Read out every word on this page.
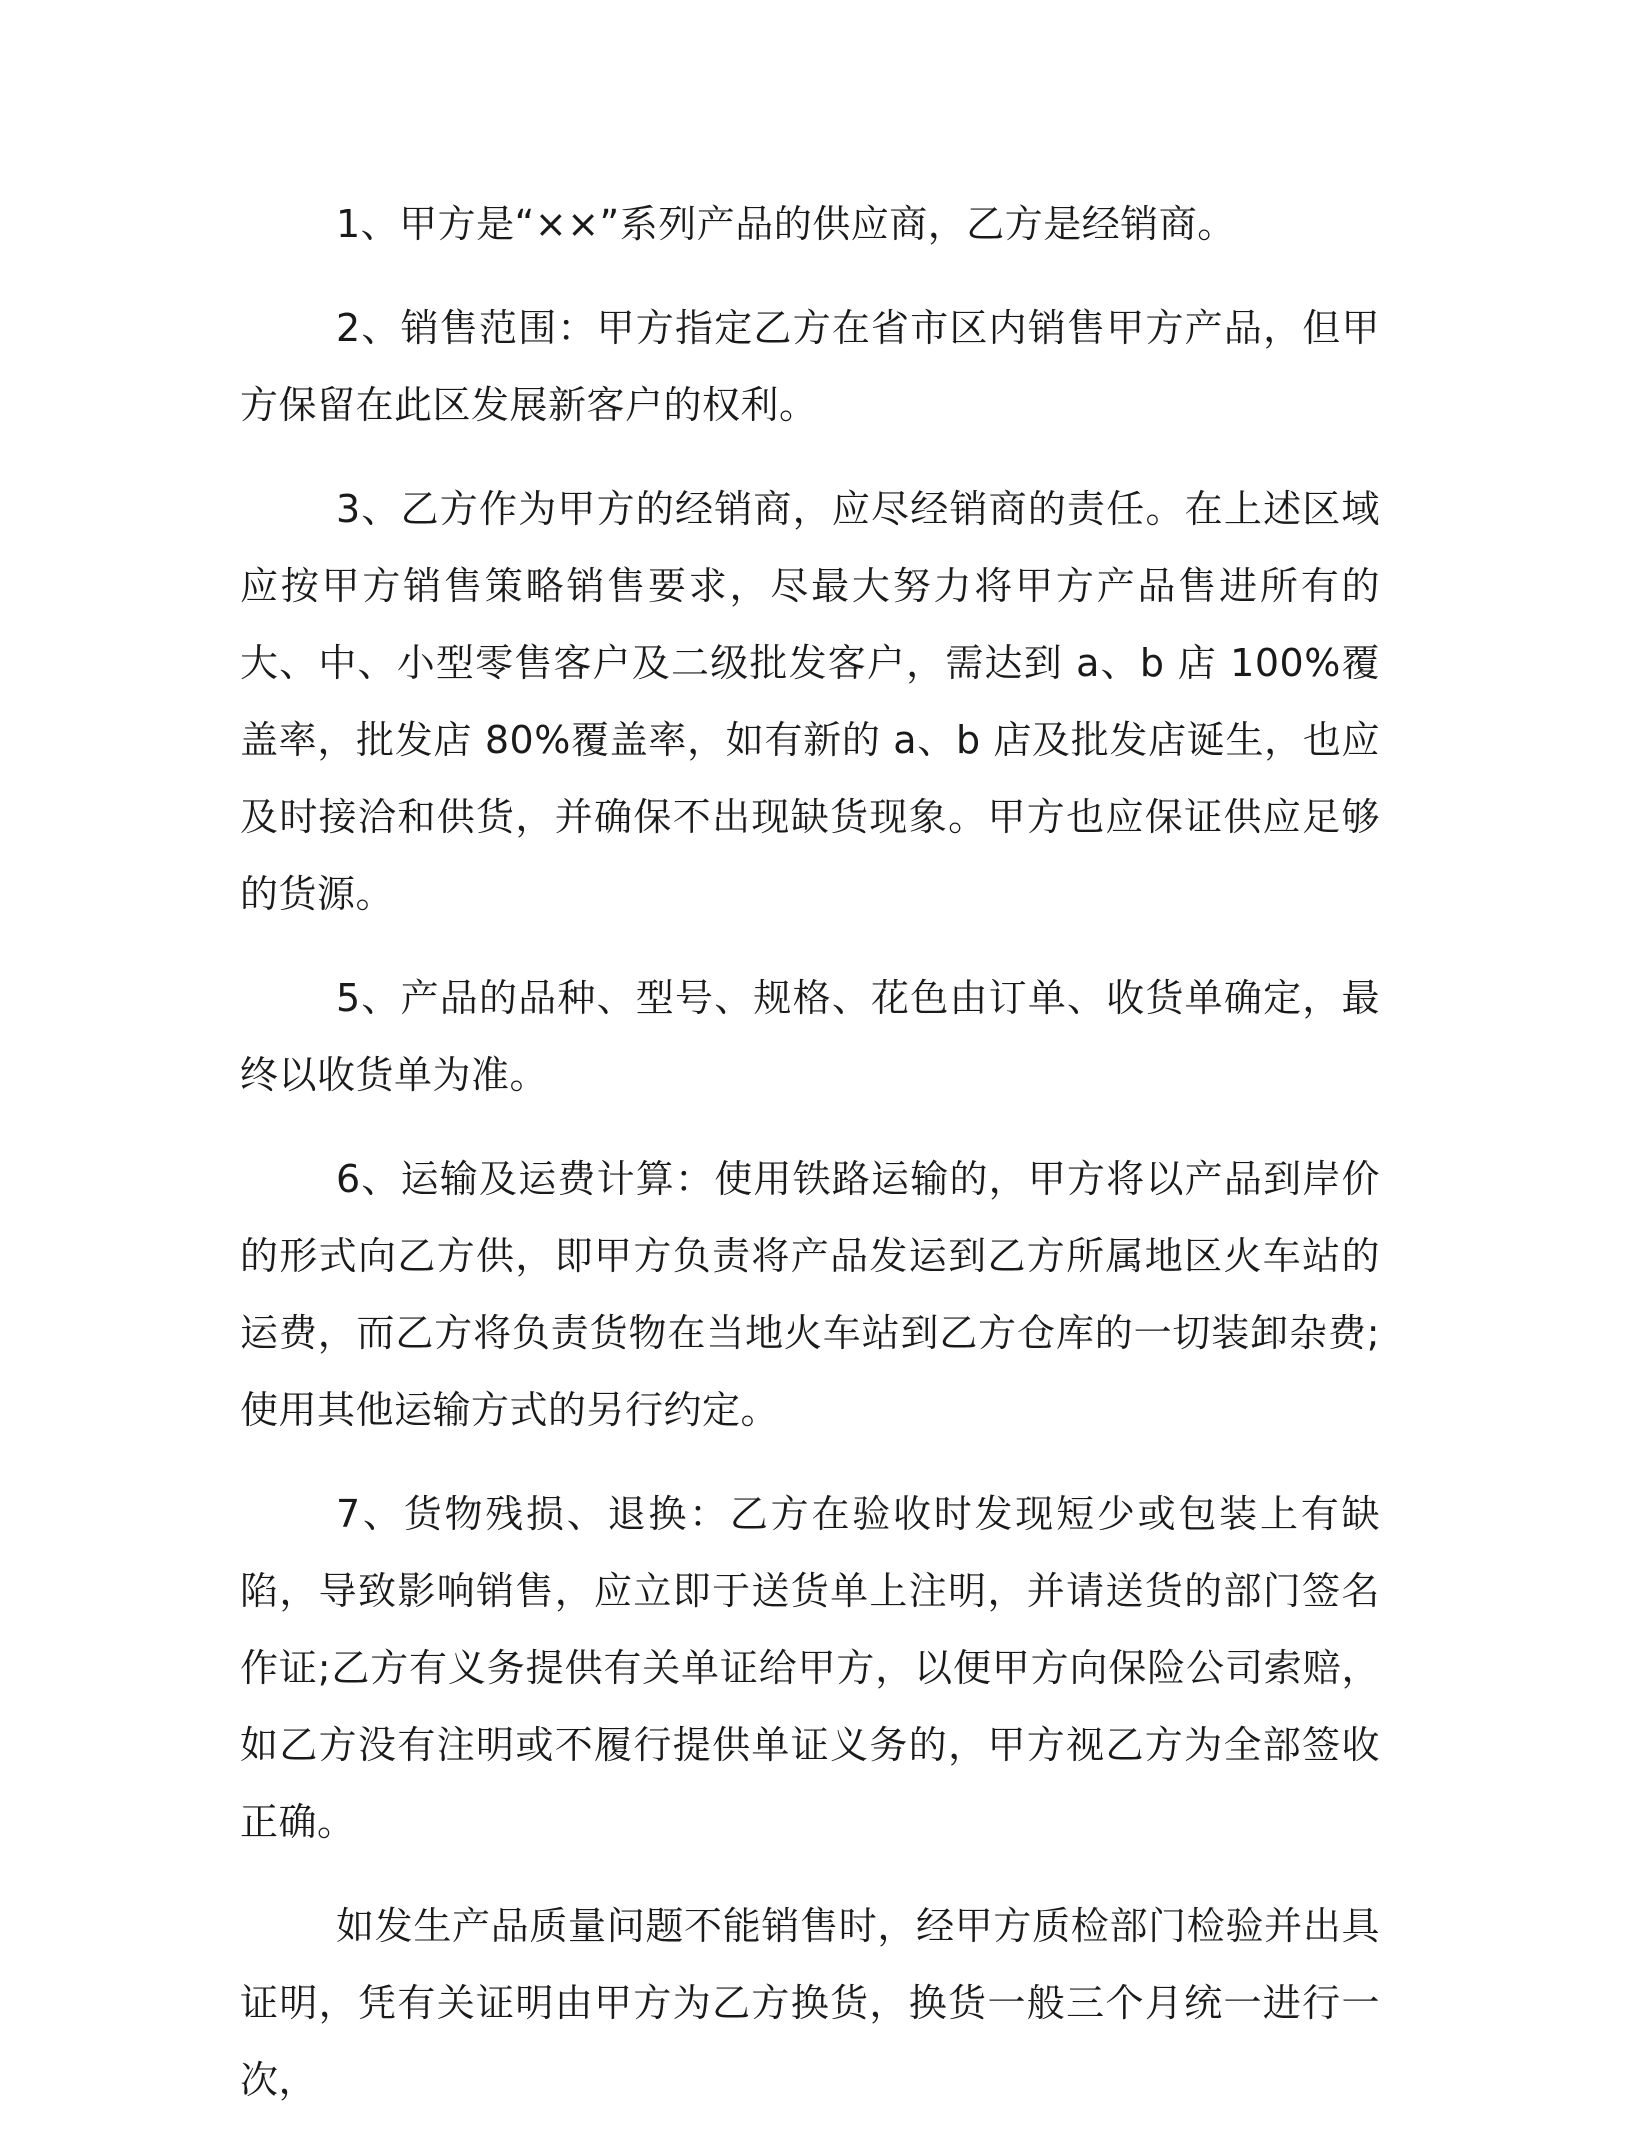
1、甲方是“××”系列产品的供应商，乙方是经销商。

2、销售范围：甲方指定乙方在省市区内销售甲方产品，但甲方保留在此区发展新客户的权利。

3、乙方作为甲方的经销商，应尽经销商的责任。在上述区域应按甲方销售策略销售要求，尽最大努力将甲方产品售进所有的大、中、小型零售客户及二级批发客户，需达到 a、b 店 100%覆盖率，批发店 80%覆盖率，如有新的 a、b 店及批发店诞生，也应及时接洽和供货，并确保不出现缺货现象。甲方也应保证供应足够的货源。

5、产品的品种、型号、规格、花色由订单、收货单确定，最终以收货单为准。

6、运输及运费计算：使用铁路运输的，甲方将以产品到岸价的形式向乙方供，即甲方负责将产品发运到乙方所属地区火车站的运费，而乙方将负责货物在当地火车站到乙方仓库的一切装卸杂费;使用其他运输方式的另行约定。

7、货物残损、退换：乙方在验收时发现短少或包装上有缺陷，导致影响销售，应立即于送货单上注明，并请送货的部门签名作证;乙方有义务提供有关单证给甲方，以便甲方向保险公司索赔，如乙方没有注明或不履行提供单证义务的，甲方视乙方为全部签收正确。

如发生产品质量问题不能销售时，经甲方质检部门检验并出具证明，凭有关证明由甲方为乙方换货，换货一般三个月统一进行一次，
